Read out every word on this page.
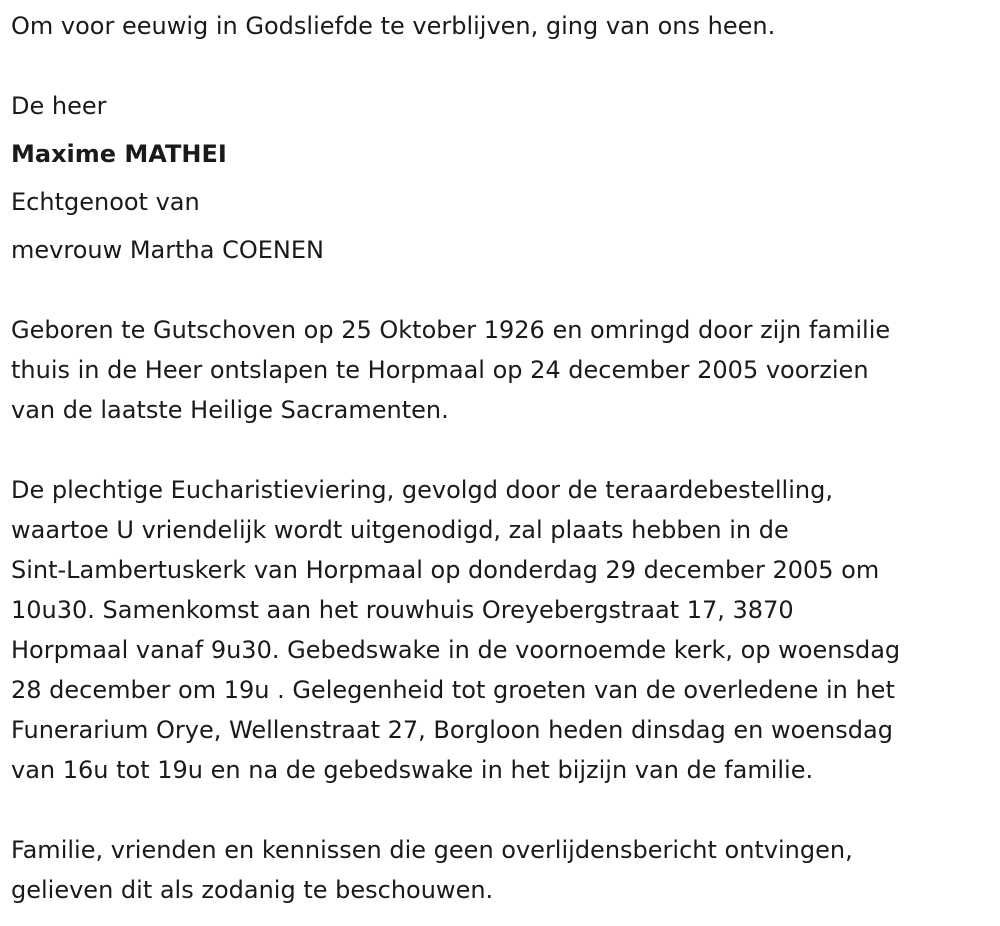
Om voor eeuwig in Godsliefde te verblijven, ging van ons heen.

De heer

Maxime MATHEI

Echtgenoot van

mevrouw Martha COENEN

Geboren te Gutschoven op 25 Oktober 1926 en omringd door zijn familie

thuis in de Heer ontslapen te Horpmaal op 24 december 2005 voorzien

van de laatste Heilige Sacramenten.

De plechtige Eucharistieviering, gevolgd door de teraardebestelling,

waartoe U vriendelijk wordt uitgenodigd, zal plaats hebben in de

Sint-Lambertuskerk van Horpmaal op donderdag 29 december 2005 om

10u30. Samenkomst aan het rouwhuis Oreyebergstraat 17, 3870

Horpmaal vanaf 9u30. Gebedswake in de voornoemde kerk, op woensdag

28 december om 19u . Gelegenheid tot groeten van de overledene in het

Funerarium Orye, Wellenstraat 27, Borgloon heden dinsdag en woensdag

van 16u tot 19u en na de gebedswake in het bijzijn van de familie.

Familie, vrienden en kennissen die geen overlijdensbericht ontvingen,

gelieven dit als zodanig te beschouwen.
